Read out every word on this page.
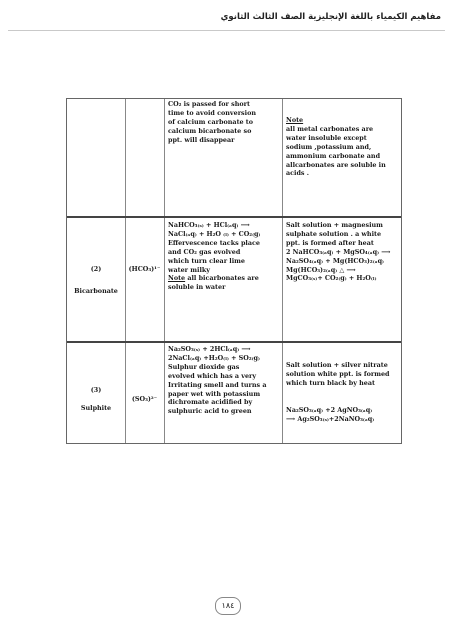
مفاهيم الكيمياء باللغة الإنجليزية الصف الثالث الثانوي
CO₂ is passed for short
time to avoid conversion
of calcium carbonate to
calcium bicarbonate so
ppt. will disappear
Note
all metal carbonates are
water insoluble except
sodium ,potassium and,
ammonium carbonate and
allcarbonates are soluble in
acids .
(2)
Bicarbonate
(HCO₃)¹⁻
NaHCO₃₍ₛ₎ + HCl₍ₐq₎ ⟶
NaCl₍ₐq₎ + H₂O ₍ₗ₎ + CO₂₍g₎
Effervescence tacks place
and CO₂ gas evolved
which turn clear lime
water milky
Note all bicarbonates are
soluble in water
Salt solution + magnesium
sulphate solution . a white
ppt. is formed after heat
2 NaHCO₃₍ₐq₎ + MgSO₄₍ₐq₎ ⟶
Na₂SO₄₍ₐq₎ + Mg(HCO₃)₂₍ₐq₎
Mg(HCO₃)₂₍ₐq₎ △ ⟶
MgCO₃₍ₛ₎+ CO₂₍g₎ + H₂O₍ₗ₎
(3)
Sulphite
(SO₃)²⁻
Na₂SO₃₍ₛ₎ + 2HCl₍ₐq₎ ⟶
2NaCl₍ₐq₎ +H₂O₍ₗ₎ + SO₂₍g₎
Sulphur dioxide gas
evolved which has a very
Irritating smell and turns a
paper wet with potassium
dichromate acidified by
sulphuric acid to green
Salt solution + silver nitrate
solution white ppt. is formed
which turn black by heat
Na₂SO₃₍ₐq₎ +2 AgNO₃₍ₐq₎
⟶ Ag₂SO₃₍ₛ₎+2NaNO₃₍ₐq₎
١٨٤
